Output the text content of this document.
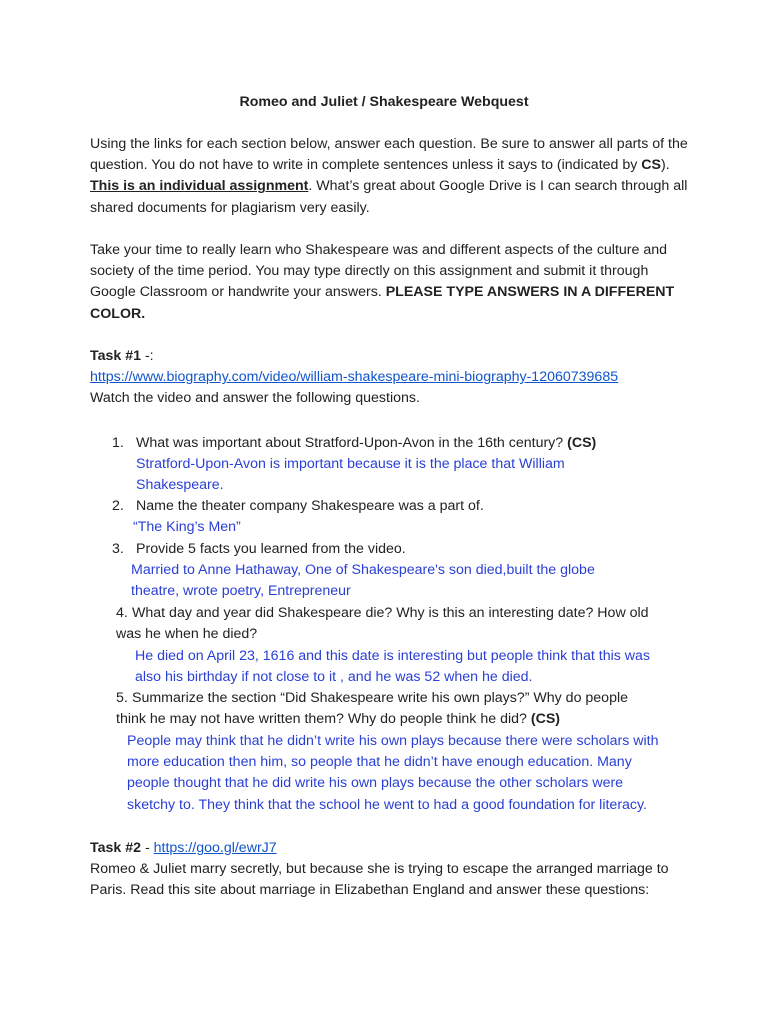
Romeo and Juliet / Shakespeare Webquest
Using the links for each section below, answer each question. Be sure to answer all parts of the question. You do not have to write in complete sentences unless it says to (indicated by CS). This is an individual assignment. What’s great about Google Drive is I can search through all shared documents for plagiarism very easily.
Take your time to really learn who Shakespeare was and different aspects of the culture and society of the time period. You may type directly on this assignment and submit it through Google Classroom or handwrite your answers. PLEASE TYPE ANSWERS IN A DIFFERENT COLOR.
Task #1 -:
https://www.biography.com/video/william-shakespeare-mini-biography-12060739685
Watch the video and answer the following questions.
1. What was important about Stratford-Upon-Avon in the 16th century? (CS)
Stratford-Upon-Avon is important because it is the place that William Shakespeare.
2. Name the theater company Shakespeare was a part of.
“The King’s Men”
3. Provide 5 facts you learned from the video.
Married to Anne Hathaway, One of Shakespeare's son died,built the globe theatre, wrote poetry, Entrepreneur
4. What day and year did Shakespeare die? Why is this an interesting date? How old was he when he died?
He died on April 23, 1616 and this date is interesting but people think that this was also his birthday if not close to it , and he was 52 when he died.
5. Summarize the section “Did Shakespeare write his own plays?” Why do people think he may not have written them? Why do people think he did? (CS)
People may think that he didn’t write his own plays because there were scholars with more education then him, so people that he didn’t have enough education. Many people thought that he did write his own plays because the other scholars were sketchy to. They think that the school he went to had a good foundation for literacy.
Task #2 - https://goo.gl/ewrJ7
Romeo & Juliet marry secretly, but because she is trying to escape the arranged marriage to Paris. Read this site about marriage in Elizabethan England and answer these questions:
